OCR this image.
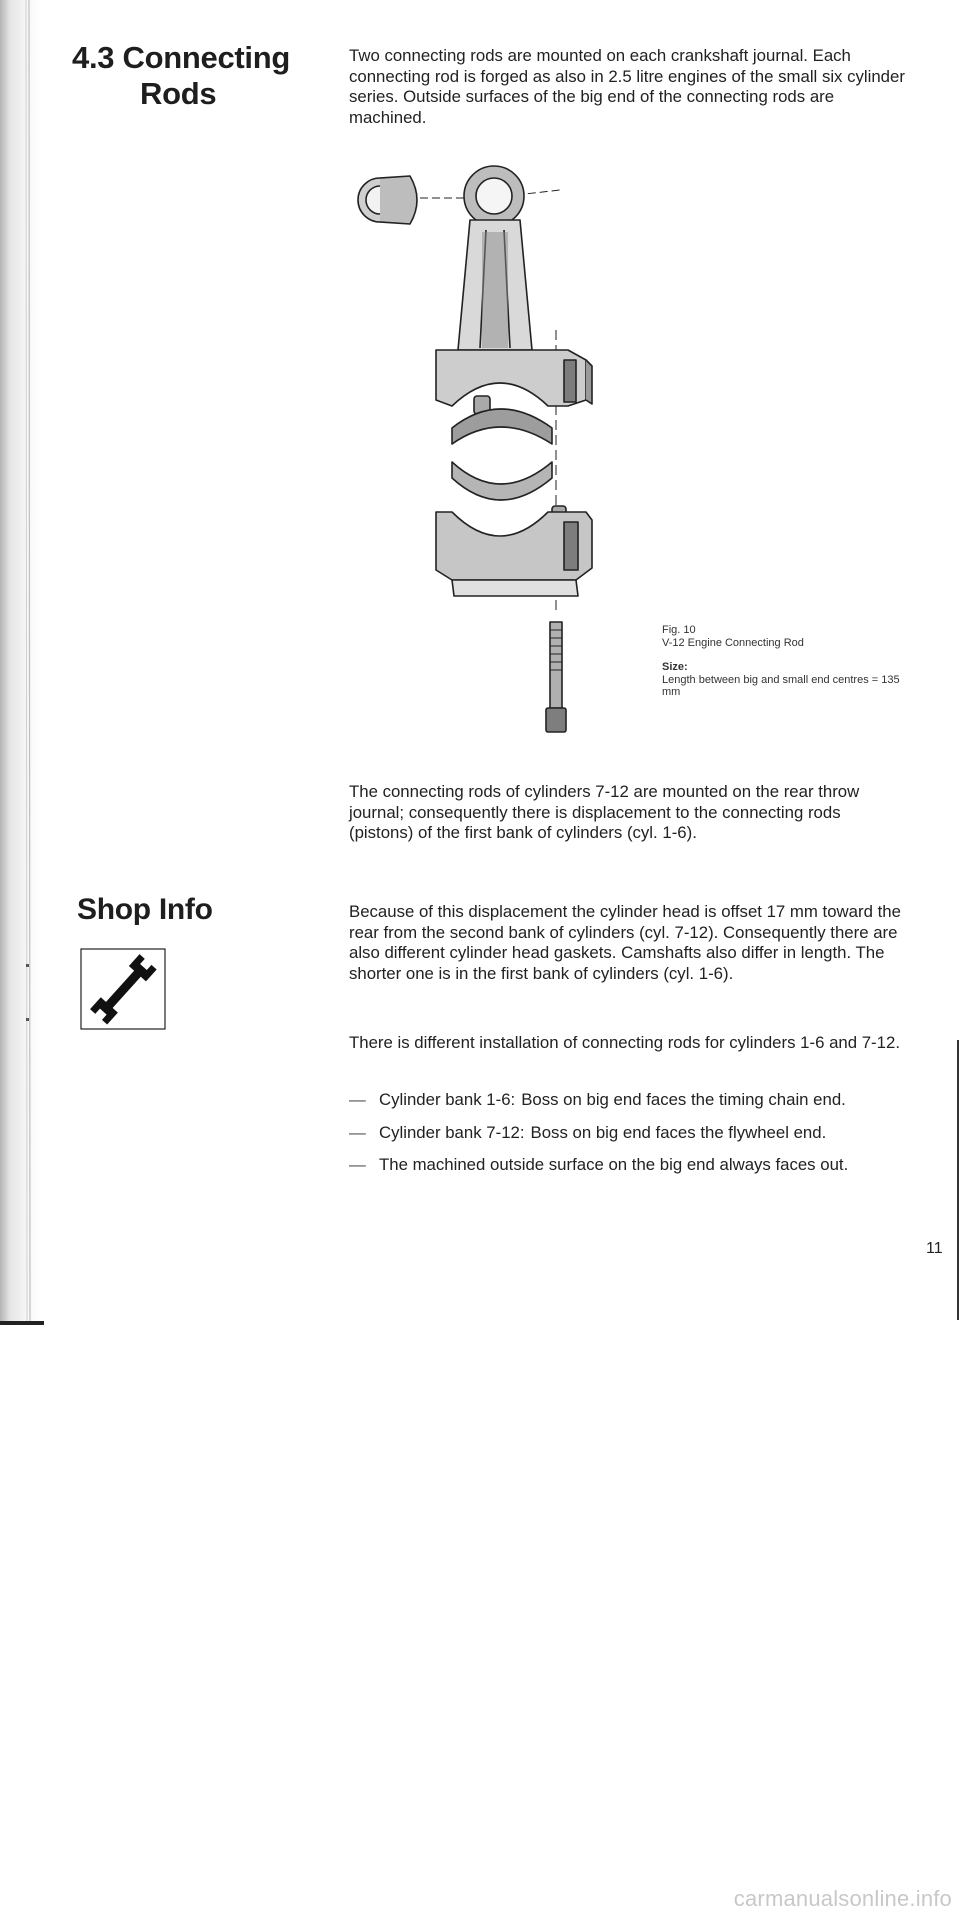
4.3 Connecting
Rods

Two connecting rods are mounted on each crankshaft journal. Each connecting rod is forged as also in 2.5 litre engines of the small six cylinder series. Outside surfaces of the big end of the connecting rods are machined.

Fig. 10
V-12 Engine Connecting Rod
Size:
Length between big and small end centres = 135 mm

The connecting rods of cylinders 7-12 are mounted on the rear throw journal; consequently there is displacement to the connecting rods (pistons) of the first bank of cylinders (cyl. 1-6).

Shop Info	Because of this displacement the cylinder head is offset 17 mm toward the rear from the second bank of cylinders (cyl. 7-12). Consequently there are also different cylinder head gaskets. Camshafts also differ in length. The shorter one is in the first bank of cylinders (cyl. 1-6).

There is different installation of connecting rods for cylinders 1-6 and 7-12.

— Cylinder bank 1-6: Boss on big end faces the timing chain end.
— Cylinder bank 7-12: Boss on big end faces the flywheel end.
— The machined outside surface on the big end always faces out.
11
carmanualsonline.info
